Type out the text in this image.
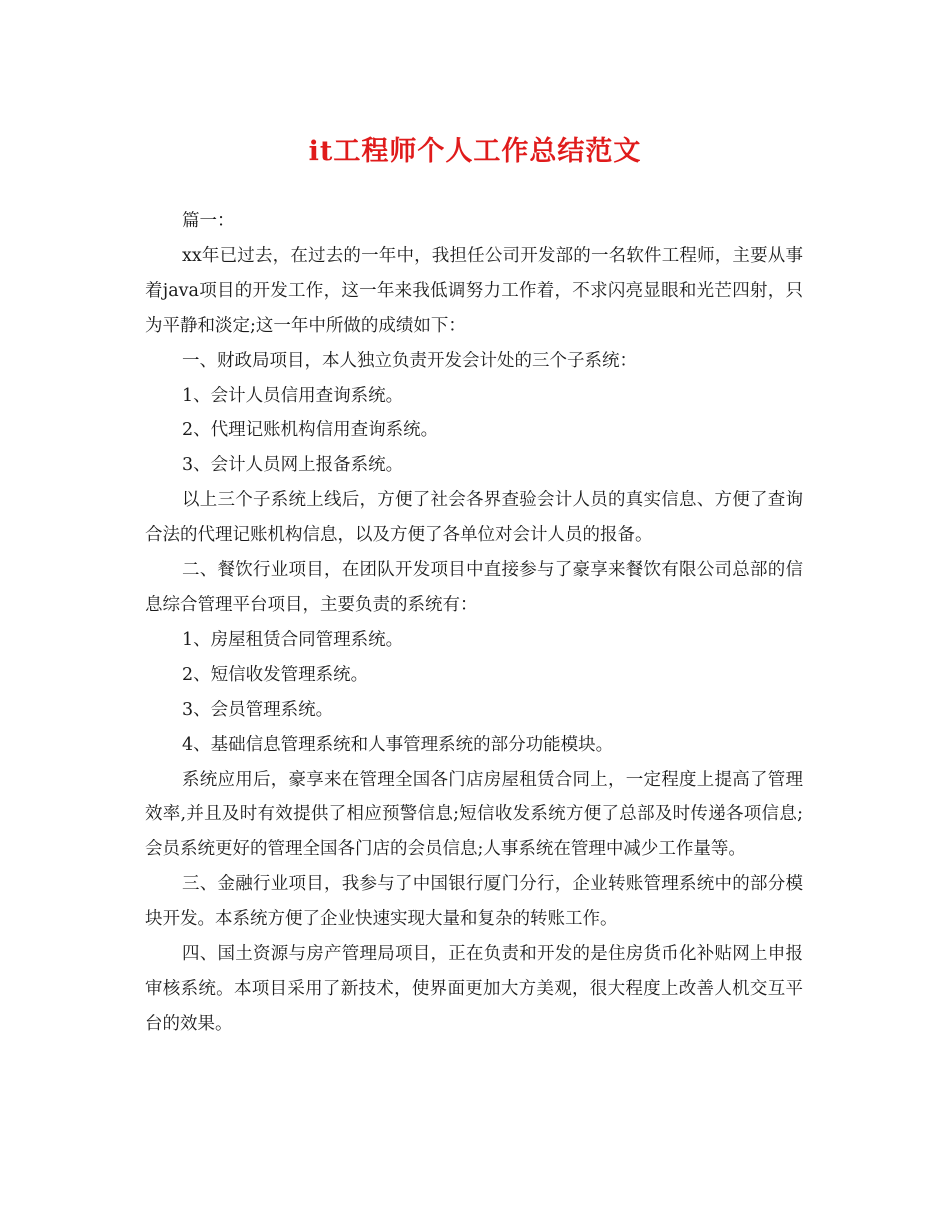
it工程师个人工作总结范文

篇一：

xx年已过去，在过去的一年中，我担任公司开发部的一名软件工程师，主要从事着java项目的开发工作，这一年来我低调努力工作着，不求闪亮显眼和光芒四射，只为平静和淡定;这一年中所做的成绩如下：

一、财政局项目，本人独立负责开发会计处的三个子系统：

1、会计人员信用查询系统。

2、代理记账机构信用查询系统。

3、会计人员网上报备系统。

以上三个子系统上线后，方便了社会各界查验会计人员的真实信息、方便了查询合法的代理记账机构信息，以及方便了各单位对会计人员的报备。

二、餐饮行业项目，在团队开发项目中直接参与了豪享来餐饮有限公司总部的信息综合管理平台项目，主要负责的系统有：

1、房屋租赁合同管理系统。

2、短信收发管理系统。

3、会员管理系统。

4、基础信息管理系统和人事管理系统的部分功能模块。

系统应用后，豪享来在管理全国各门店房屋租赁合同上，一定程度上提高了管理效率,并且及时有效提供了相应预警信息;短信收发系统方便了总部及时传递各项信息;会员系统更好的管理全国各门店的会员信息;人事系统在管理中减少工作量等。

三、金融行业项目，我参与了中国银行厦门分行，企业转账管理系统中的部分模块开发。本系统方便了企业快速实现大量和复杂的转账工作。

四、国土资源与房产管理局项目，正在负责和开发的是住房货币化补贴网上申报审核系统。本项目采用了新技术，使界面更加大方美观，很大程度上改善人机交互平台的效果。
